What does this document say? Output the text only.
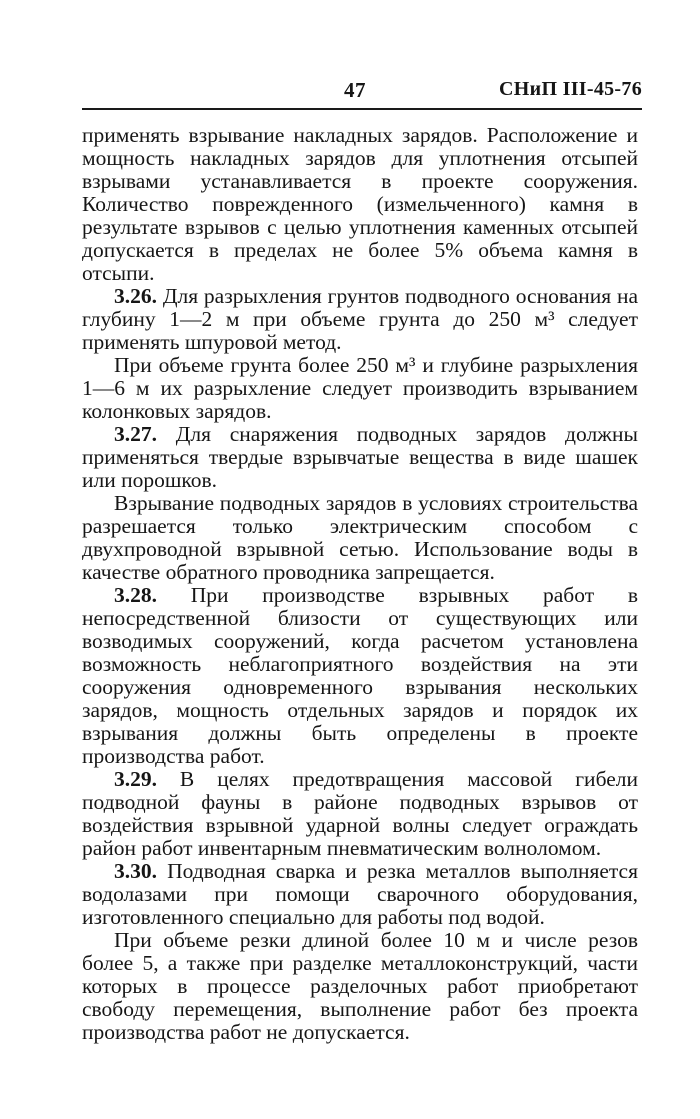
47	СНиП III-45-76

применять взрывание накладных зарядов. Расположение и мощность накладных зарядов для уплотнения отсыпей взрывами устанавливается в проекте сооружения. Количество поврежденного (измельченного) камня в результате взрывов с целью уплотнения каменных отсыпей допускается в пределах не более 5% объема камня в отсыпи.

3.26. Для разрыхления грунтов подводного основания на глубину 1—2 м при объеме грунта до 250 м³ следует применять шпуровой метод.

При объеме грунта более 250 м³ и глубине разрыхления 1—6 м их разрыхление следует производить взрыванием колонковых зарядов.

3.27. Для снаряжения подводных зарядов должны применяться твердые взрывчатые вещества в виде шашек или порошков.

Взрывание подводных зарядов в условиях строительства разрешается только электрическим способом с двухпроводной взрывной сетью. Использование воды в качестве обратного проводника запрещается.

3.28. При производстве взрывных работ в непосредственной близости от существующих или возводимых сооружений, когда расчетом установлена возможность неблагоприятного воздействия на эти сооружения одновременного взрывания нескольких зарядов, мощность отдельных зарядов и порядок их взрывания должны быть определены в проекте производства работ.

3.29. В целях предотвращения массовой гибели подводной фауны в районе подводных взрывов от воздействия взрывной ударной волны следует ограждать район работ инвентарным пневматическим волноломом.

3.30. Подводная сварка и резка металлов выполняется водолазами при помощи сварочного оборудования, изготовленного специально для работы под водой.

При объеме резки длиной более 10 м и числе резов более 5, а также при разделке металлоконструкций, части которых в процессе разделочных работ приобретают свободу перемещения, выполнение работ без проекта производства работ не допускается.
